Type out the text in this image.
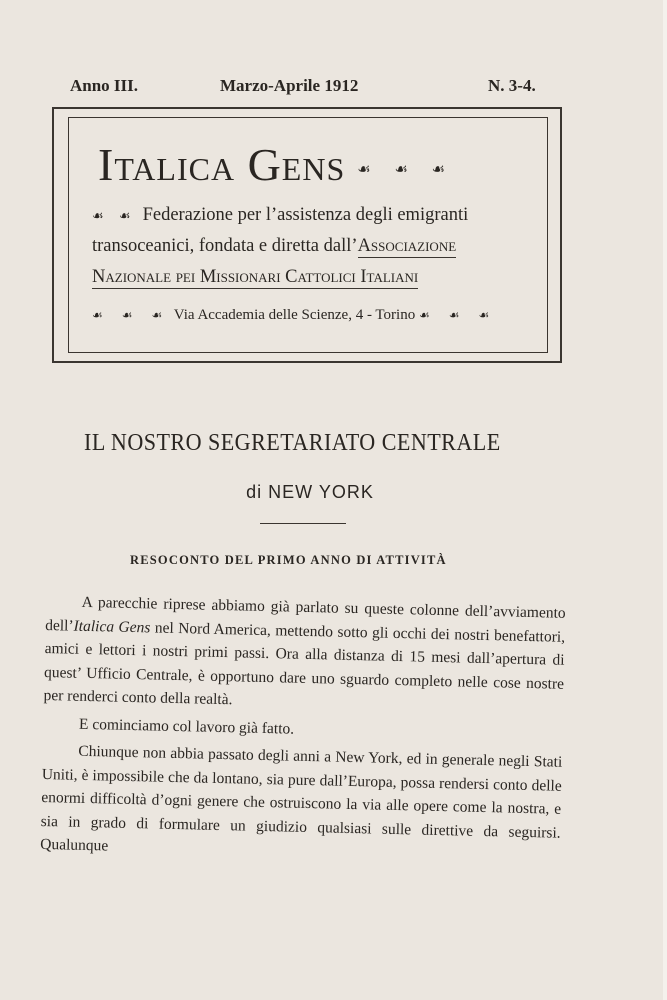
Anno III.	Marzo-Aprile 1912	N. 3-4.
Italica Gens ☙ ☙ ☙
☙ ☙ Federazione per l’assistenza degli emigranti
transoceanici, fondata e diretta dall’Associazione
Nazionale pei Missionari Cattolici Italiani
☙ ☙ ☙ Via Accademia delle Scienze, 4 - Torino ☙ ☙ ☙
IL NOSTRO SEGRETARIATO CENTRALE
di NEW YORK
RESOCONTO DEL PRIMO ANNO DI ATTIVITÀ

A parecchie riprese abbiamo già parlato su queste colonne dell’avviamento dell’Italica Gens nel Nord America, mettendo sotto gli occhi dei nostri benefattori, amici e lettori i nostri primi passi. Ora alla distanza di 15 mesi dall’apertura di quest’ Ufficio Centrale, è opportuno dare uno sguardo completo nelle cose nostre per renderci conto della realtà.

E cominciamo col lavoro già fatto.

Chiunque non abbia passato degli anni a New York, ed in generale negli Stati Uniti, è impossibile che da lontano, sia pure dall’Europa, possa rendersi conto delle enormi difficoltà d’ogni genere che ostruiscono la via alle opere come la nostra, e sia in grado di formulare un giudizio qualsiasi sulle direttive da seguirsi. Qualunque
